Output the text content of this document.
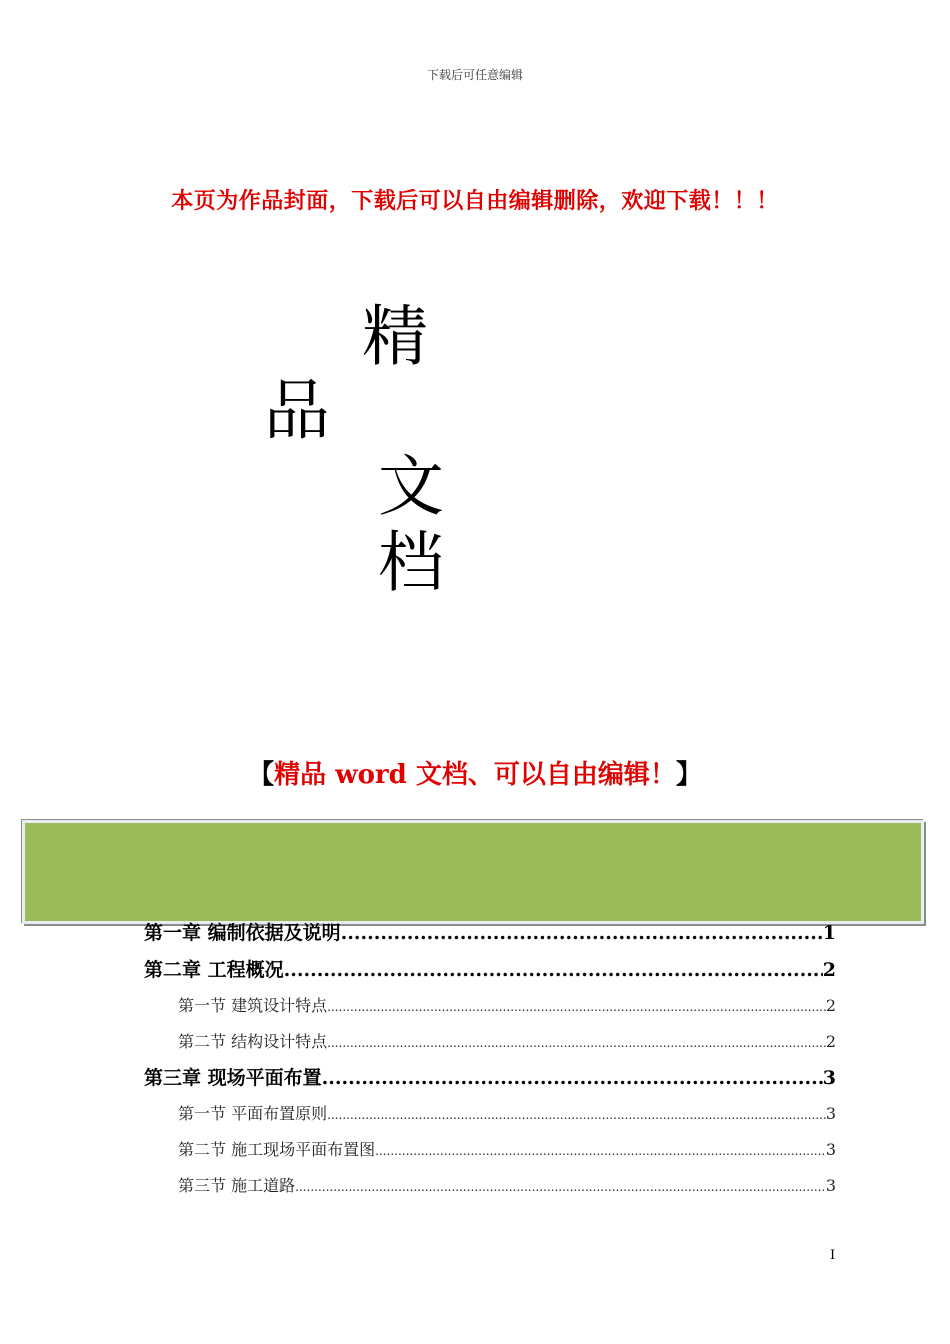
下载后可任意编辑
本页为作品封面，下载后可以自由编辑删除，欢迎下载！！！
精
品
文
档
【精品 word 文档、可以自由编辑！】
第一章 编制依据及说明 .....	1
第二章 工程概况 .....	2
第一节 建筑设计特点 .....	2
第二节 结构设计特点 .....	2
第三章 现场平面布置 .....	3
第一节 平面布置原则 .....	3
第二节 施工现场平面布置图 .....	3
第三节 施工道路 .....	3
I
